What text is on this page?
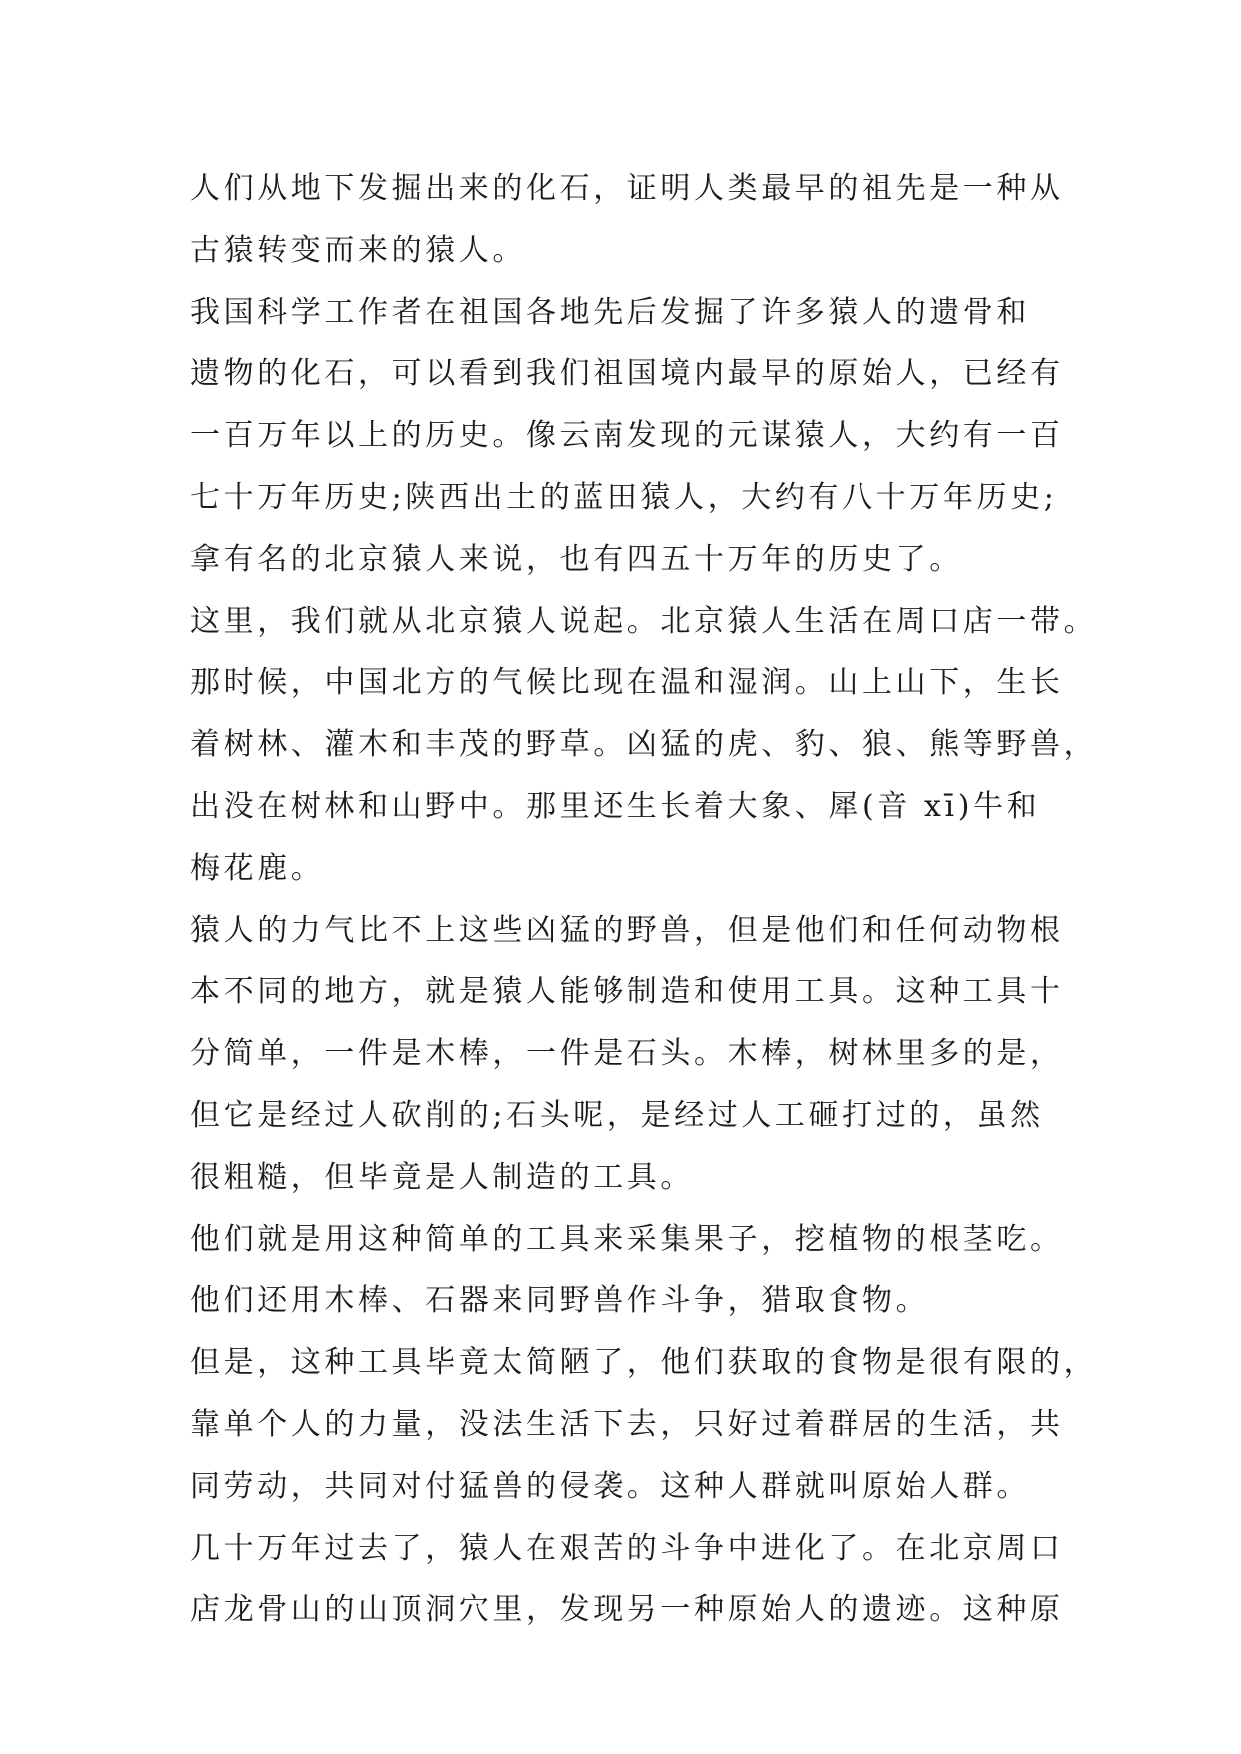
人们从地下发掘出来的化石，证明人类最早的祖先是一种从
古猿转变而来的猿人。
我国科学工作者在祖国各地先后发掘了许多猿人的遗骨和
遗物的化石，可以看到我们祖国境内最早的原始人，已经有
一百万年以上的历史。像云南发现的元谋猿人，大约有一百
七十万年历史;陕西出土的蓝田猿人，大约有八十万年历史;
拿有名的北京猿人来说，也有四五十万年的历史了。
这里，我们就从北京猿人说起。北京猿人生活在周口店一带。
那时候，中国北方的气候比现在温和湿润。山上山下，生长
着树林、灌木和丰茂的野草。凶猛的虎、豹、狼、熊等野兽，
出没在树林和山野中。那里还生长着大象、犀(音 xī)牛和
梅花鹿。
猿人的力气比不上这些凶猛的野兽，但是他们和任何动物根
本不同的地方，就是猿人能够制造和使用工具。这种工具十
分简单，一件是木棒，一件是石头。木棒，树林里多的是，
但它是经过人砍削的;石头呢，是经过人工砸打过的，虽然
很粗糙，但毕竟是人制造的工具。
他们就是用这种简单的工具来采集果子，挖植物的根茎吃。
他们还用木棒、石器来同野兽作斗争，猎取食物。
但是，这种工具毕竟太简陋了，他们获取的食物是很有限的，
靠单个人的力量，没法生活下去，只好过着群居的生活，共
同劳动，共同对付猛兽的侵袭。这种人群就叫原始人群。
几十万年过去了，猿人在艰苦的斗争中进化了。在北京周口
店龙骨山的山顶洞穴里，发现另一种原始人的遗迹。这种原
